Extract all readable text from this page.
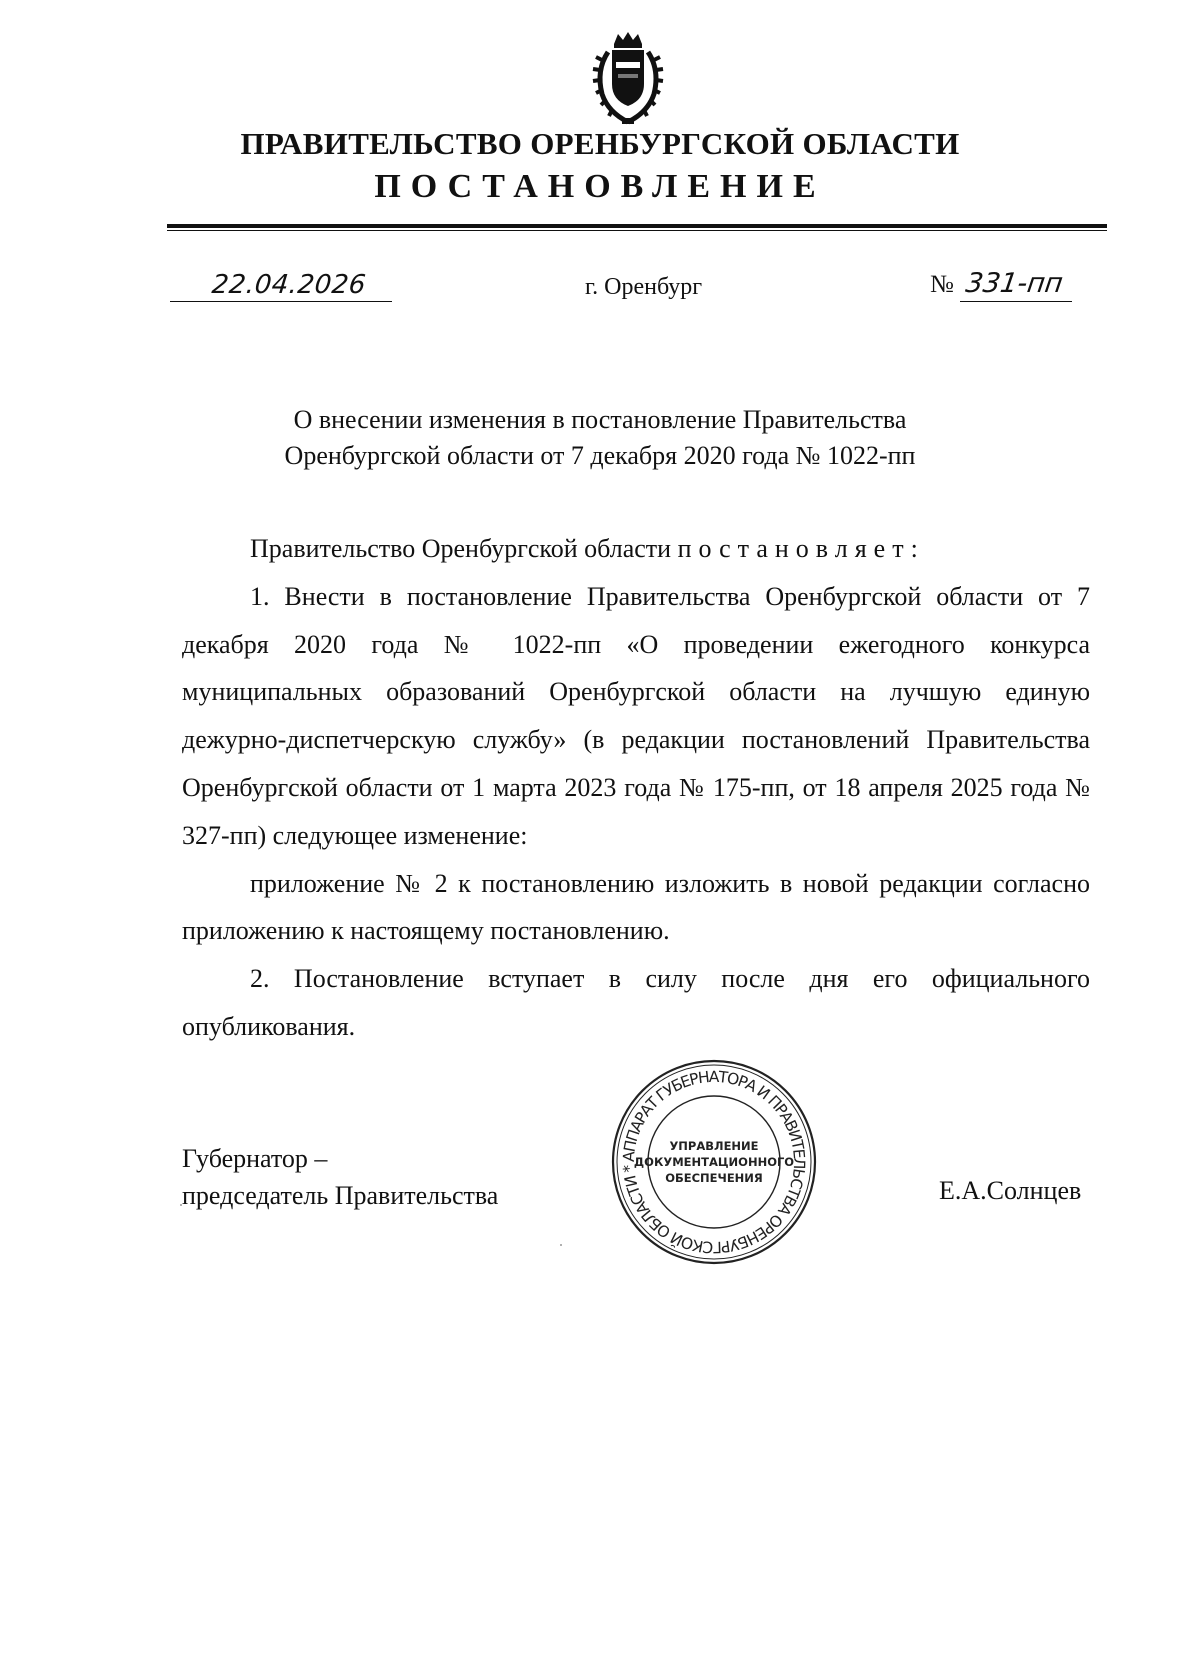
ПРАВИТЕЛЬСТВО ОРЕНБУРГСКОЙ ОБЛАСТИ
ПОСТАНОВЛЕНИЕ
22.04.2026	г. Оренбург	№ 331-пп
О внесении изменения в постановление Правительства
Оренбургской области от 7 декабря 2020 года № 1022-пп

Правительство Оренбургской области постановляет:

1. Внести в постановление Правительства Оренбургской области от 7 декабря 2020 года № 1022-пп «О проведении ежегодного конкурса муниципальных образований Оренбургской области на лучшую единую дежурно-диспетчерскую службу» (в редакции постановлений Правительства Оренбургской области от 1 марта 2023 года № 175-пп, от 18 апреля 2025 года № 327-пп) следующее изменение:

приложение № 2 к постановлению изложить в новой редакции согласно приложению к настоящему постановлению.

2. Постановление вступает в силу после дня его официального опубликования.

Губернатор –
председатель Правительства	Е.А.Солнцев
АППАРАТ ГУБЕРНАТОРА И ПРАВИТЕЛЬСТВА ОРЕНБУРГСКОЙ ОБЛАСТИ *
УПРАВЛЕНИЕ
ДОКУМЕНТАЦИОННОГО
ОБЕСПЕЧЕНИЯ
